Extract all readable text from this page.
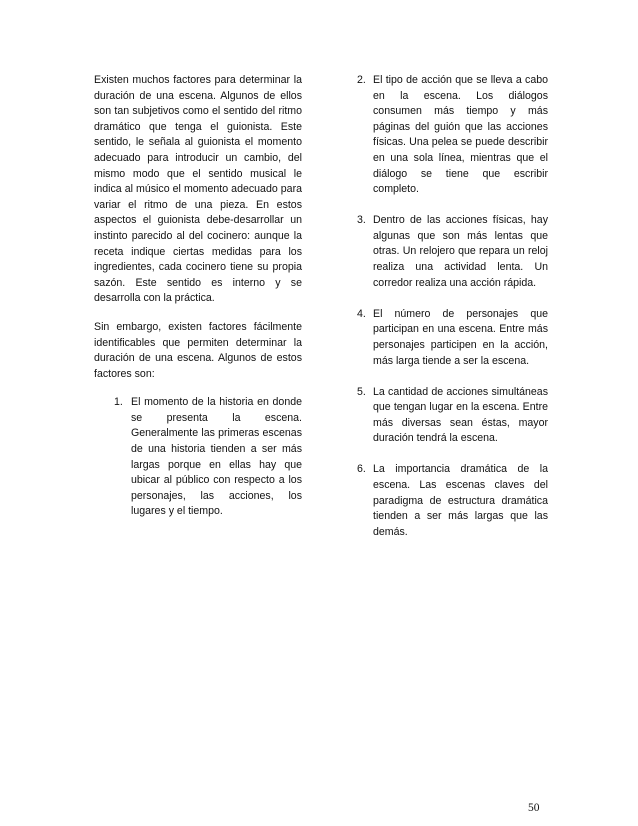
Existen muchos factores para determinar la duración de una escena. Algunos de ellos son tan subjetivos como el sentido del ritmo dramático que tenga el guionista. Este sentido, le señala al guionista el momento adecuado para introducir un cambio, del mismo modo que el sentido musical le indica al músico el momento adecuado para variar el ritmo de una pieza. En estos aspectos el guionista debe-desarrollar un instinto parecido al del cocinero: aunque la receta indique ciertas medidas para los ingredientes, cada cocinero tiene su propia sazón. Este sentido es interno y se desarrolla con la práctica.

Sin embargo, existen factores fácilmente identificables que permiten determinar la duración de una escena. Algunos de estos factores son:

1. El momento de la historia en donde se presenta la escena. Generalmente las primeras escenas de una historia tienden a ser más largas porque en ellas hay que ubicar al público con respecto a los personajes, las acciones, los lugares y el tiempo.
2. El tipo de acción que se lleva a cabo en la escena. Los diálogos consumen más tiempo y más páginas del guión que las acciones físicas. Una pelea se puede describir en una sola línea, mientras que el diálogo se tiene que escribir completo.
3. Dentro de las acciones físicas, hay algunas que son más lentas que otras. Un relojero que repara un reloj realiza una actividad lenta. Un corredor realiza una acción rápida.
4. El número de personajes que participan en una escena. Entre más personajes participen en la acción, más larga tiende a ser la escena.
5. La cantidad de acciones simultáneas que tengan lugar en la escena. Entre más diversas sean éstas, mayor duración tendrá la escena.
6. La importancia dramática de la escena. Las escenas claves del paradigma de estructura dramática tienden a ser más largas que las demás.
50
